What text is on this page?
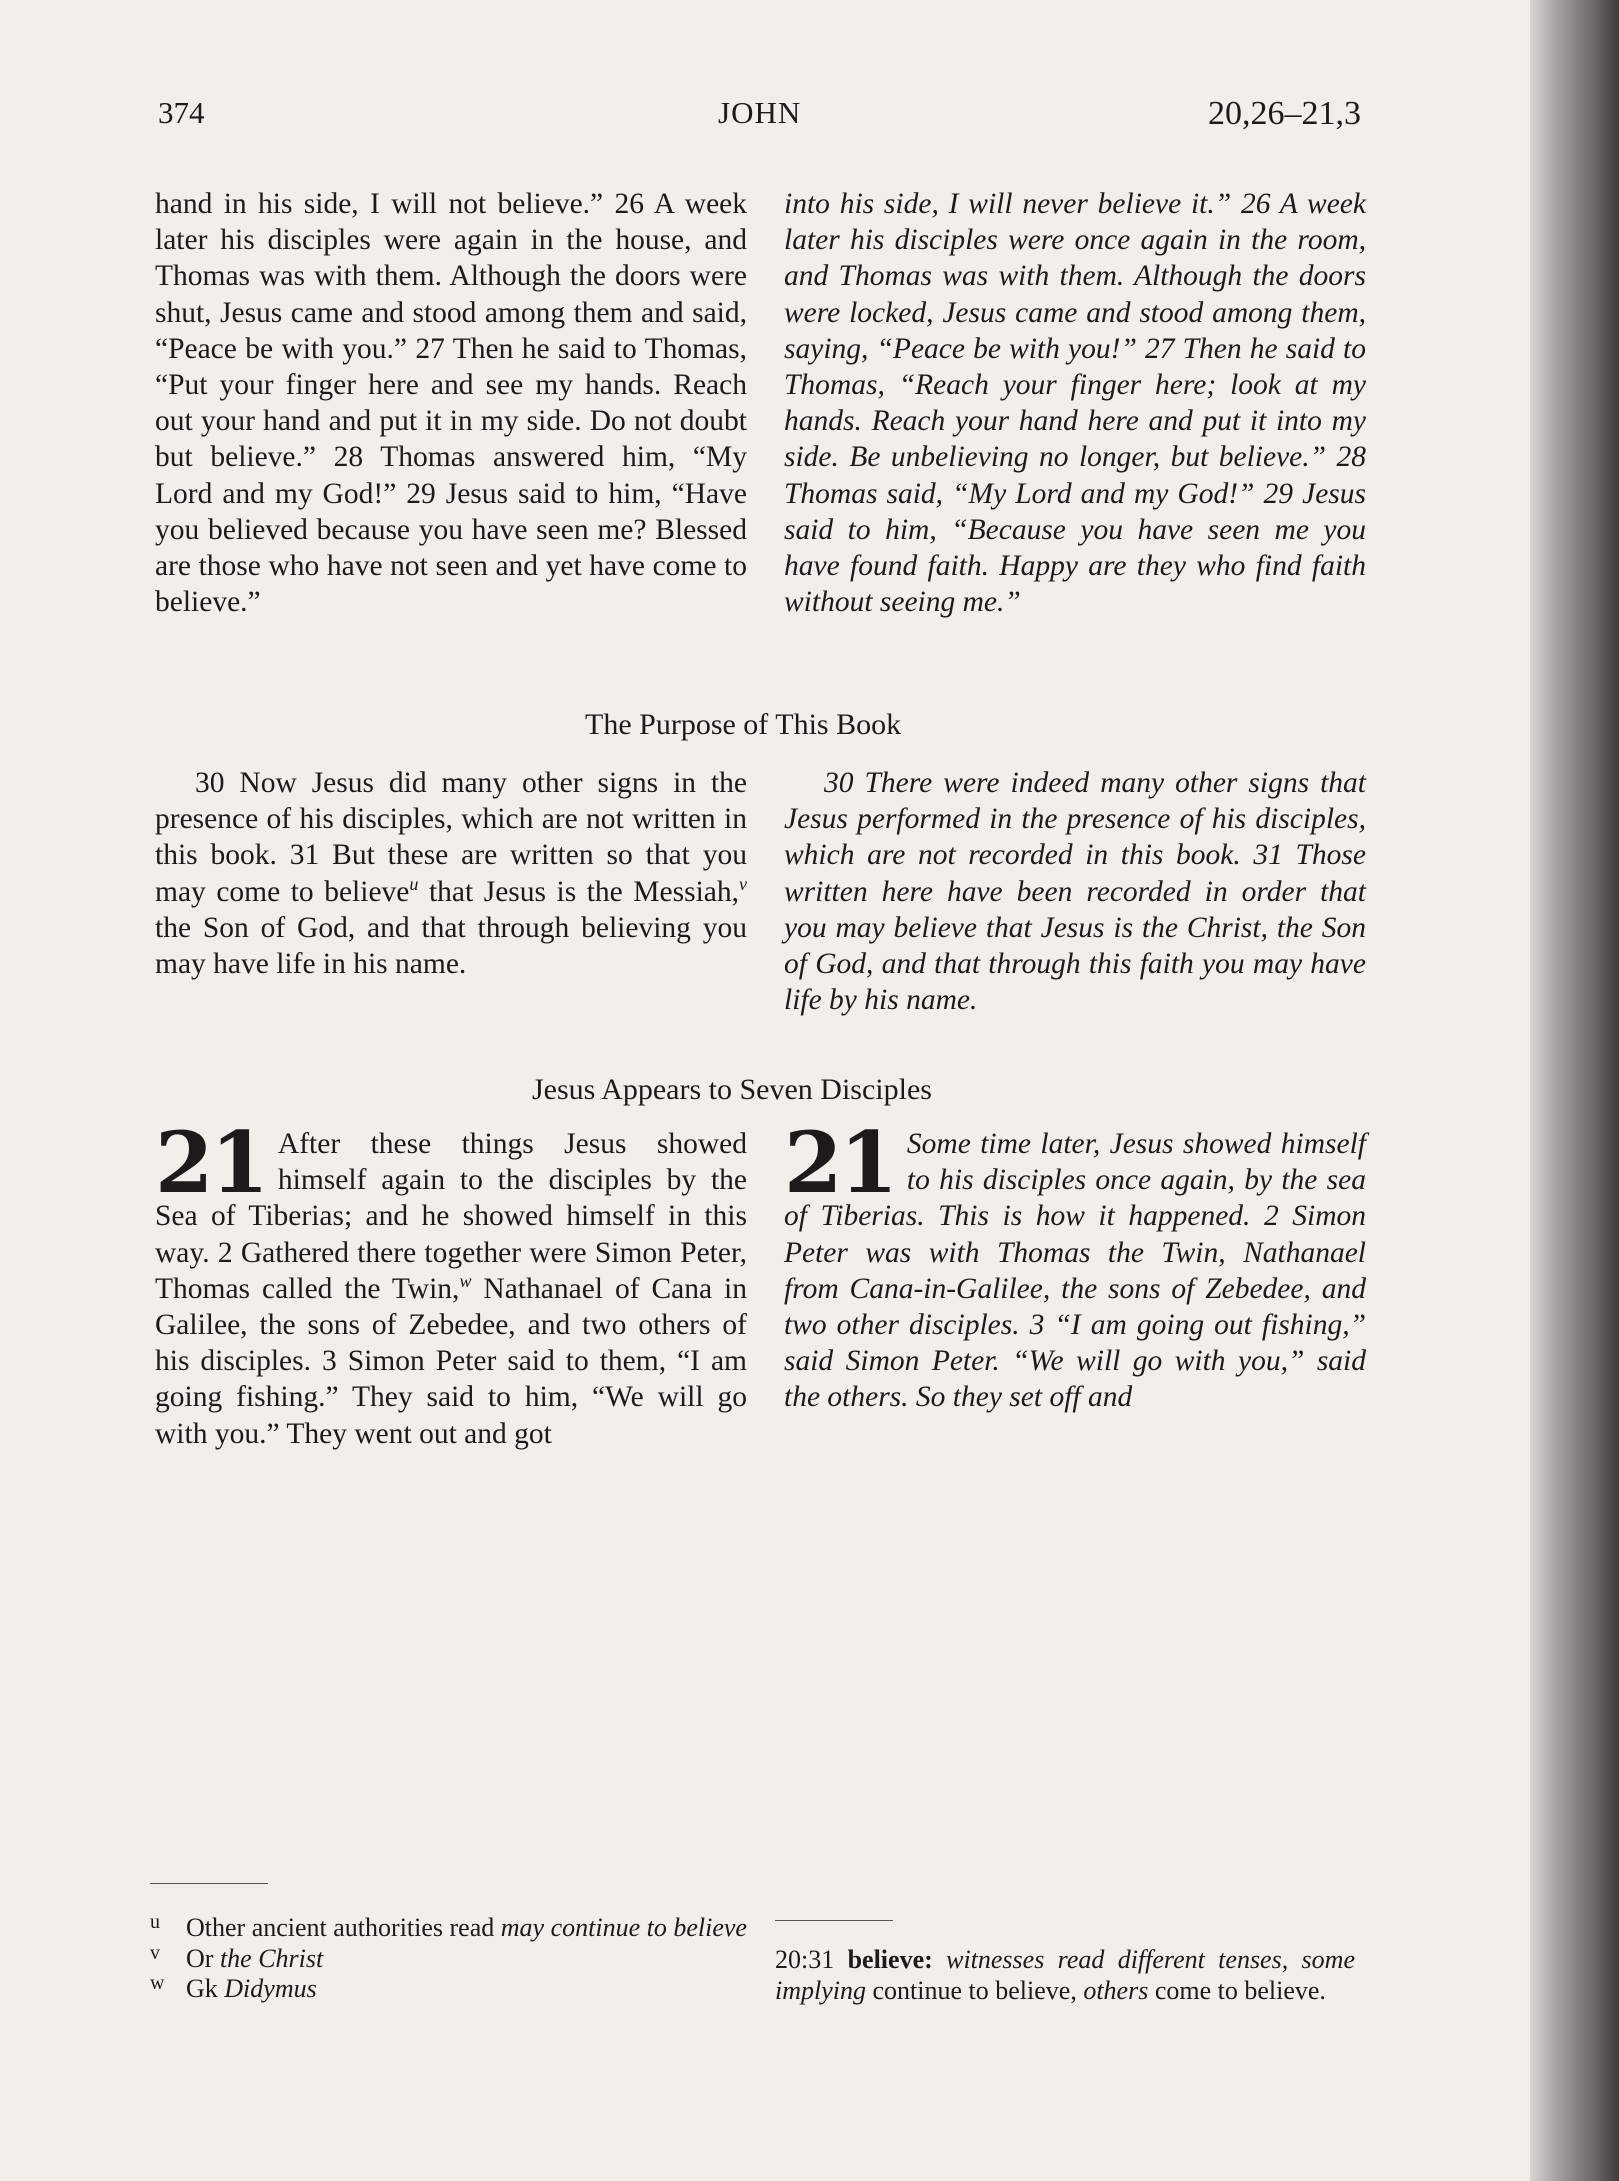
374	JOHN	20,26–21,3

hand in his side, I will not believe.” 26 A week later his disciples were again in the house, and Thomas was with them. Although the doors were shut, Jesus came and stood among them and said, “Peace be with you.” 27 Then he said to Thomas, “Put your finger here and see my hands. Reach out your hand and put it in my side. Do not doubt but believe.” 28 Thomas answered him, “My Lord and my God!” 29 Jesus said to him, “Have you believed because you have seen me? Blessed are those who have not seen and yet have come to believe.”

into his side, I will never believe it.” 26 A week later his disciples were once again in the room, and Thomas was with them. Although the doors were locked, Jesus came and stood among them, saying, “Peace be with you!” 27 Then he said to Thomas, “Reach your finger here; look at my hands. Reach your hand here and put it into my side. Be unbelieving no longer, but believe.” 28 Thomas said, “My Lord and my God!” 29 Jesus said to him, “Because you have seen me you have found faith. Happy are they who find faith without seeing me.”

The Purpose of This Book

30 Now Jesus did many other signs in the presence of his disciples, which are not written in this book. 31 But these are written so that you may come to believe$^u$ that Jesus is the Messiah,$^v$ the Son of God, and that through believing you may have life in his name.

30 There were indeed many other signs that Jesus performed in the presence of his disciples, which are not recorded in this book. 31 Those written here have been recorded in order that you may believe that Jesus is the Christ, the Son of God, and that through this faith you may have life by his name.

Jesus Appears to Seven Disciples

21 After these things Jesus showed himself again to the disciples by the Sea of Tiberias; and he showed himself in this way. 2 Gathered there together were Simon Peter, Thomas called the Twin,$^w$ Nathanael of Cana in Galilee, the sons of Zebedee, and two others of his disciples. 3 Simon Peter said to them, “I am going fishing.” They said to him, “We will go with you.” They went out and got

21 Some time later, Jesus showed himself to his disciples once again, by the sea of Tiberias. This is how it happened. 2 Simon Peter was with Thomas the Twin, Nathanael from Cana-in-Galilee, the sons of Zebedee, and two other disciples. 3 “I am going out fishing,” said Simon Peter. “We will go with you,” said the others. So they set off and

u Other ancient authorities read may continue to believe
v Or the Christ
w Gk Didymus
20:31 believe: witnesses read different tenses, some implying continue to believe, others come to believe.
